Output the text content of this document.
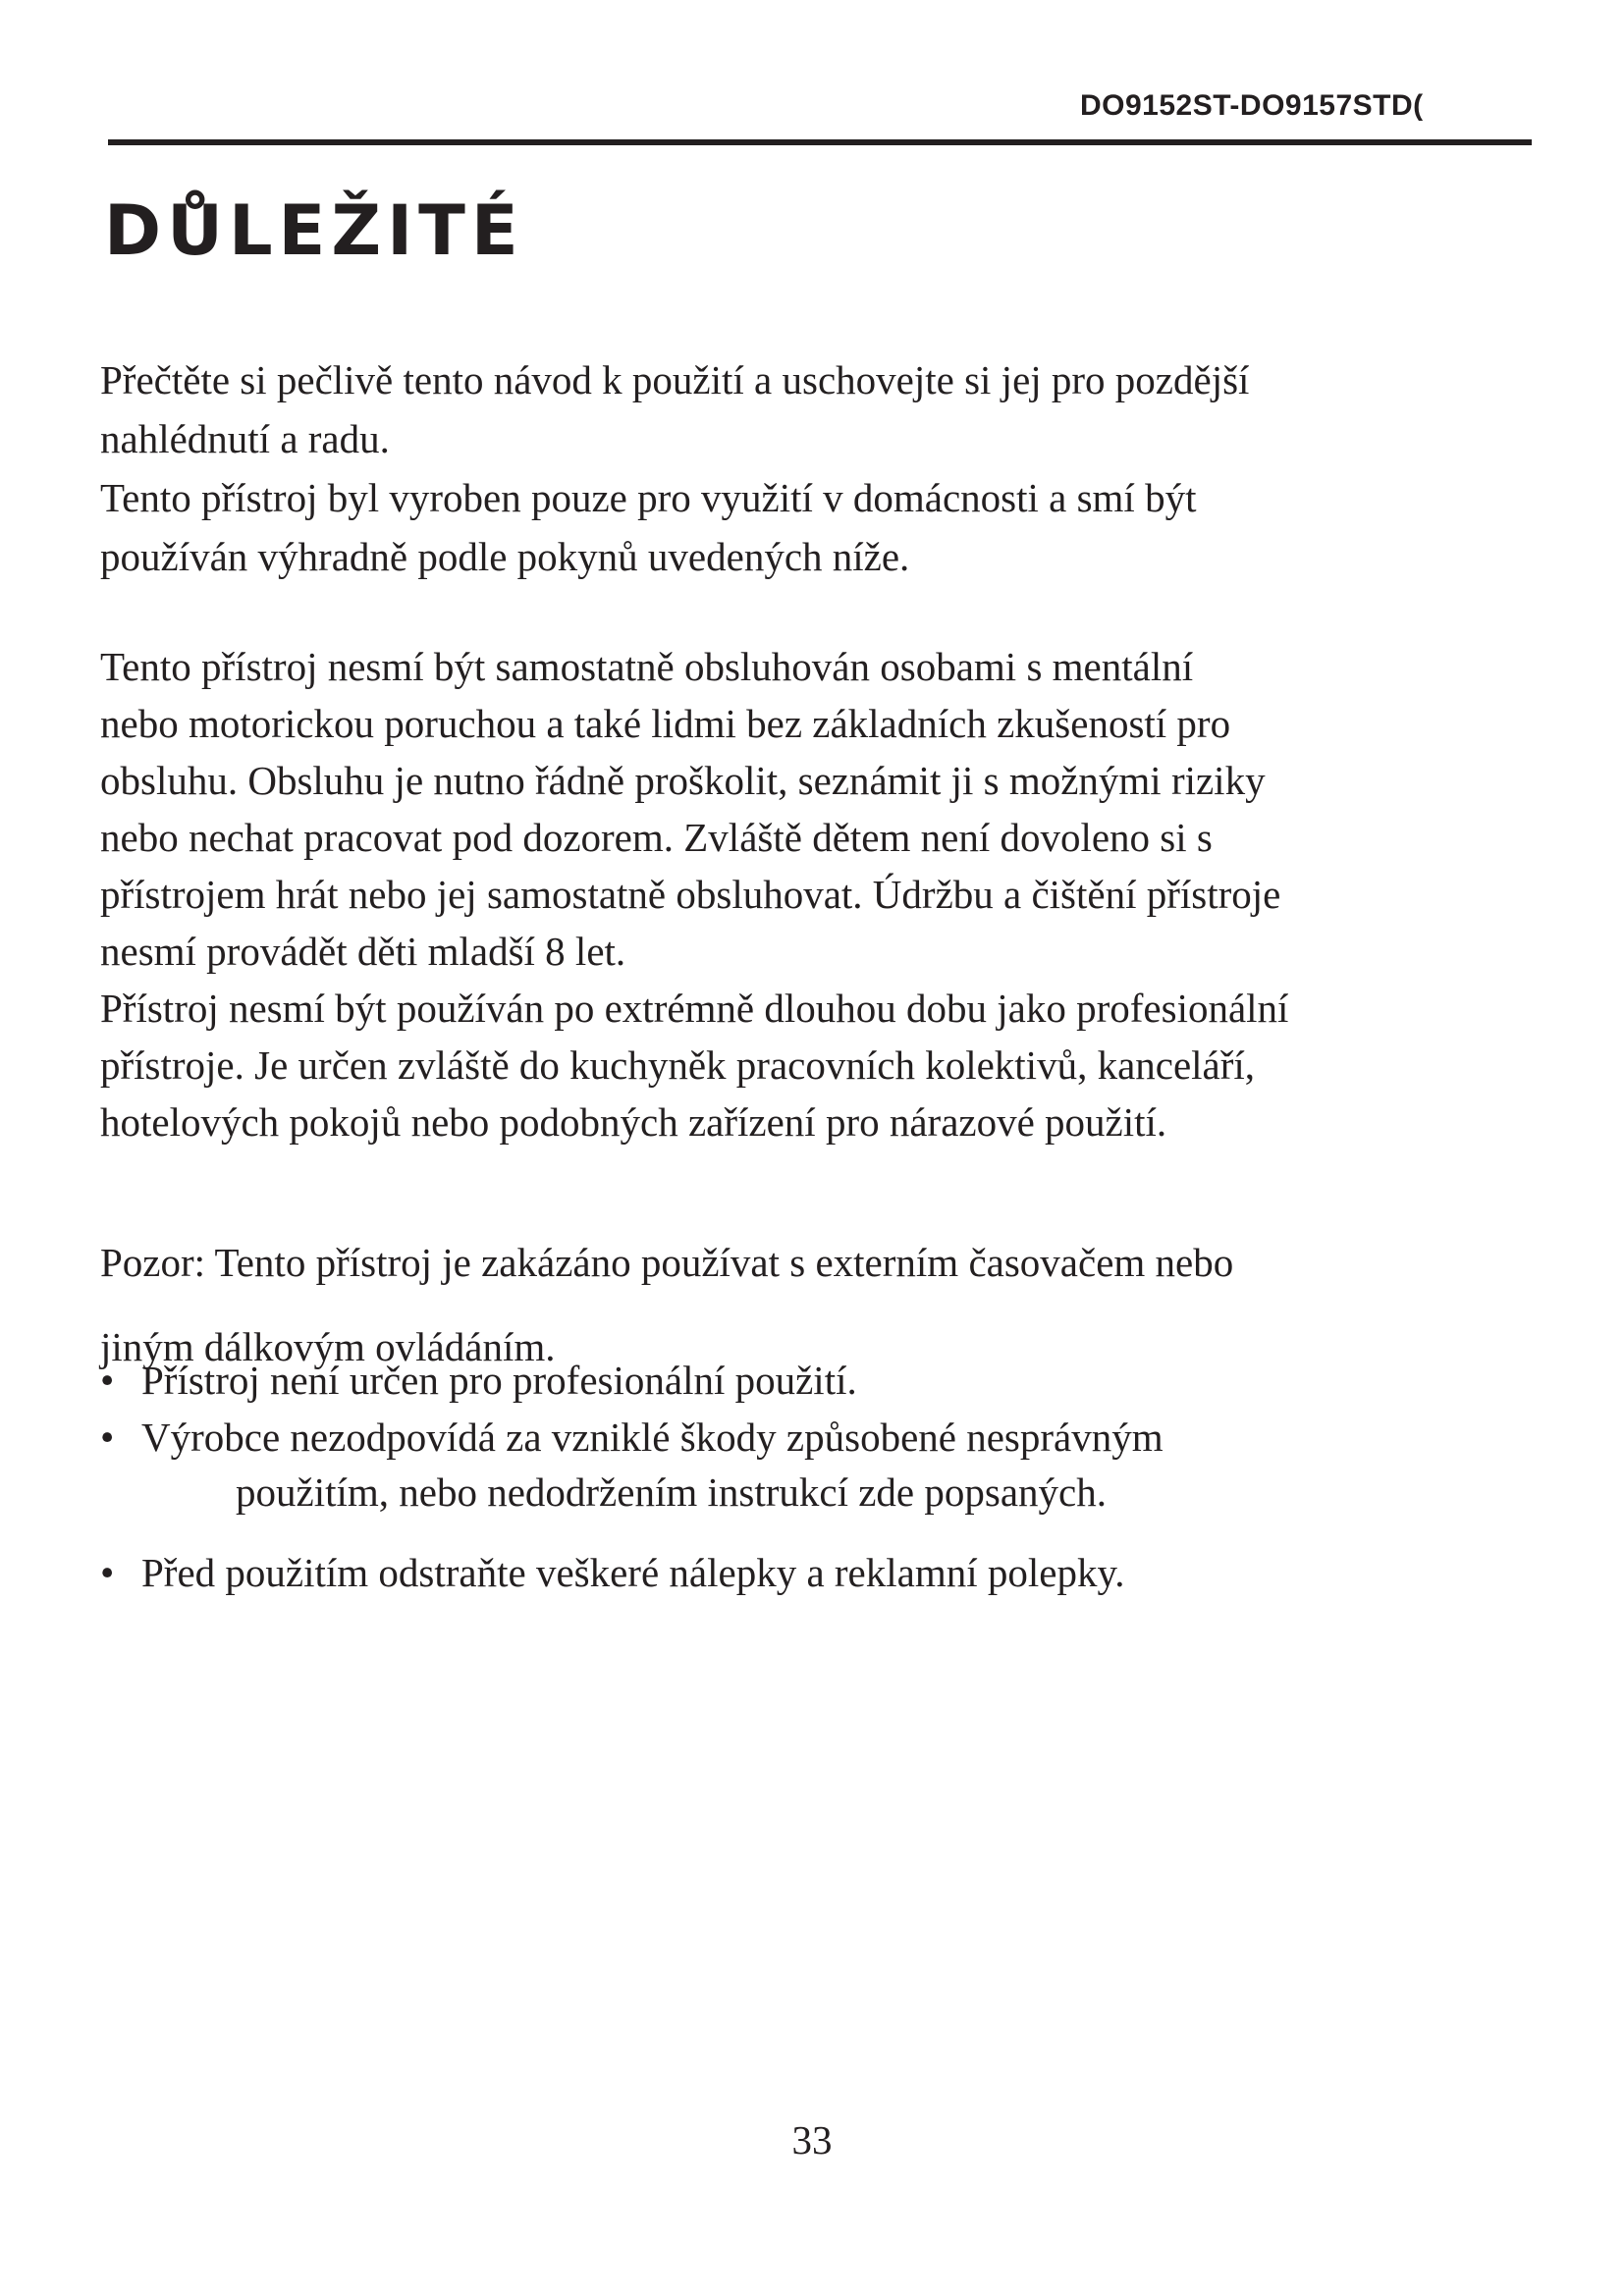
DO9152ST-DO9157STD(
DŮLEŽITÉ

Přečtěte si pečlivě tento návod k použití a uschovejte si jej pro pozdější
nahlédnutí a radu.
Tento přístroj byl vyroben pouze pro využití v domácnosti a smí být
používán výhradně podle pokynů uvedených níže.

Tento přístroj nesmí být samostatně obsluhován osobami s mentální
nebo motorickou poruchou a také lidmi bez základních zkušeností pro
obsluhu. Obsluhu je nutno řádně proškolit, seznámit ji s možnými riziky
nebo nechat pracovat pod dozorem. Zvláště dětem není dovoleno si s
přístrojem hrát nebo jej samostatně obsluhovat. Údržbu a čištění přístroje
nesmí provádět děti mladší 8 let.
Přístroj nesmí být používán po extrémně dlouhou dobu jako profesionální
přístroje. Je určen zvláště do kuchyněk pracovních kolektivů, kanceláří,
hotelových pokojů nebo podobných zařízení pro nárazové použití.

Pozor: Tento přístroj je zakázáno používat s externím časovačem nebo
jiným dálkovým ovládáním.

• Přístroj není určen pro profesionální použití.
• Výrobce nezodpovídá za vzniklé škody způsobené nesprávným
použitím, nebo nedodržením instrukcí zde popsaných.
• Před použitím odstraňte veškeré nálepky a reklamní polepky.
33
